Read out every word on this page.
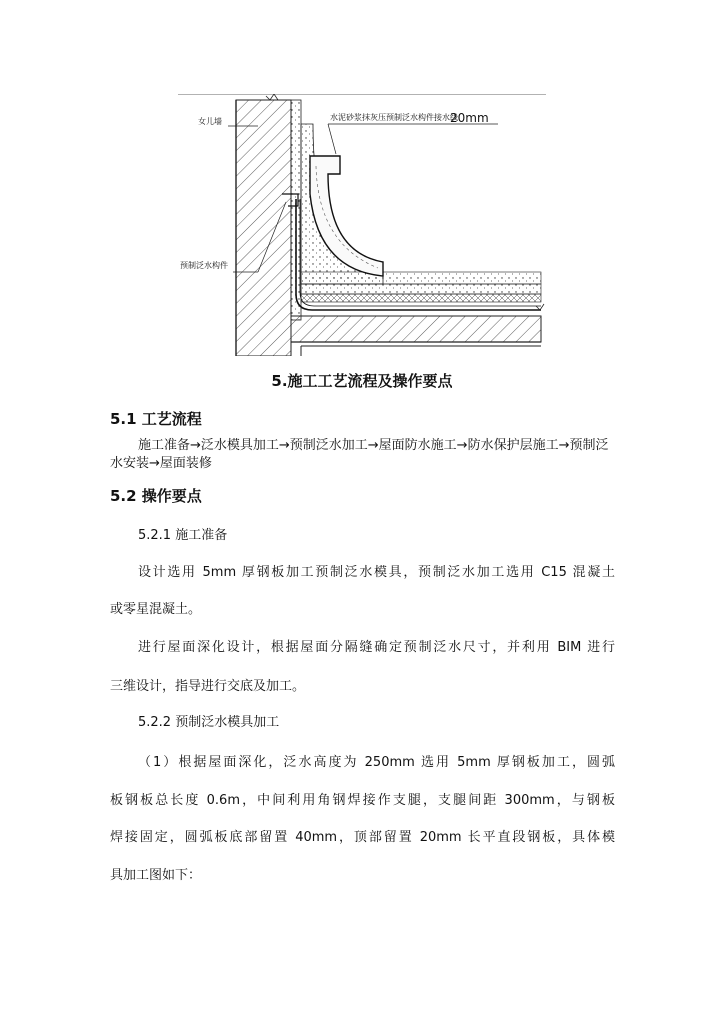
女儿墙	水泥砂浆抹灰压预制泛水构件接水线
20mm
预制泛水构件
5.施工工艺流程及操作要点
5.1 工艺流程

施工准备→泛水模具加工→预制泛水加工→屋面防水施工→防水保护层施工→预制泛水安装→屋面装修

5.2 操作要点

5.2.1 施工准备

设计选用 5mm 厚钢板加工预制泛水模具，预制泛水加工选用 C15 混凝土

或零星混凝土。

进行屋面深化设计，根据屋面分隔缝确定预制泛水尺寸，并利用 BIM 进行

三维设计，指导进行交底及加工。

5.2.2 预制泛水模具加工

（1）根据屋面深化，泛水高度为 250mm 选用 5mm 厚钢板加工，圆弧

板钢板总长度 0.6m，中间利用角钢焊接作支腿，支腿间距 300mm，与钢板

焊接固定，圆弧板底部留置 40mm，顶部留置 20mm 长平直段钢板，具体模

具加工图如下：
